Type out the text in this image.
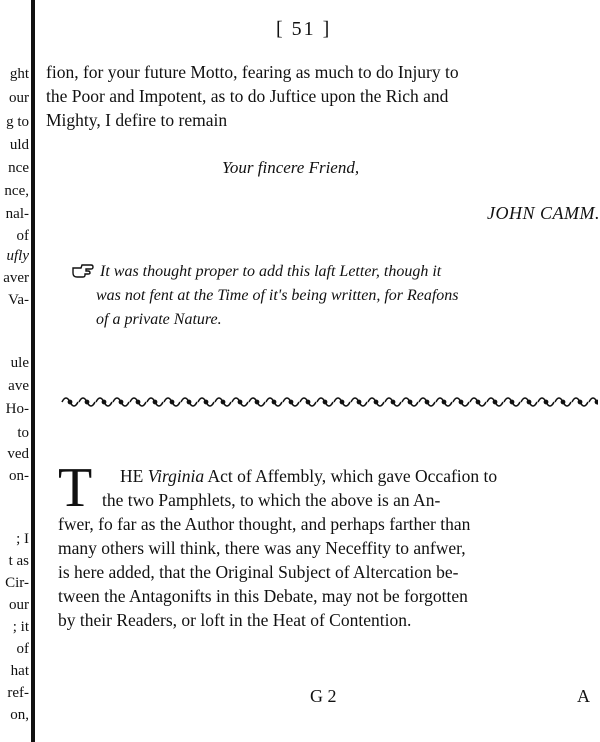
ght
our
g to
uld
nce
nce,
nal-
of
ufly
aver
Va-
ule
ave
Ho-
to
ved
on-
; I
t as
Cir-
our
; it
of
hat
ref-
on,
[ 51 ]
fion, for your future Motto, fearing as much to do Injury to
the Poor and Impotent, as to do Juftice upon the Rich and
Mighty, I defire to remain
Your fincere Friend,
JOHN CAMM.
It was thought proper to add this laft Letter, though it
was not fent at the Time of it's being written, for Reafons
of a private Nature.
T	HE Virginia Act of Affembly, which gave Occafion to
the two Pamphlets, to which the above is an An-
fwer, fo far as the Author thought, and perhaps farther than
many others will think, there was any Neceffity to anfwer,
is here added, that the Original Subject of Altercation be-
tween the Antagonifts in this Debate, may not be forgotten
by their Readers, or loft in the Heat of Contention.
G 2	A
